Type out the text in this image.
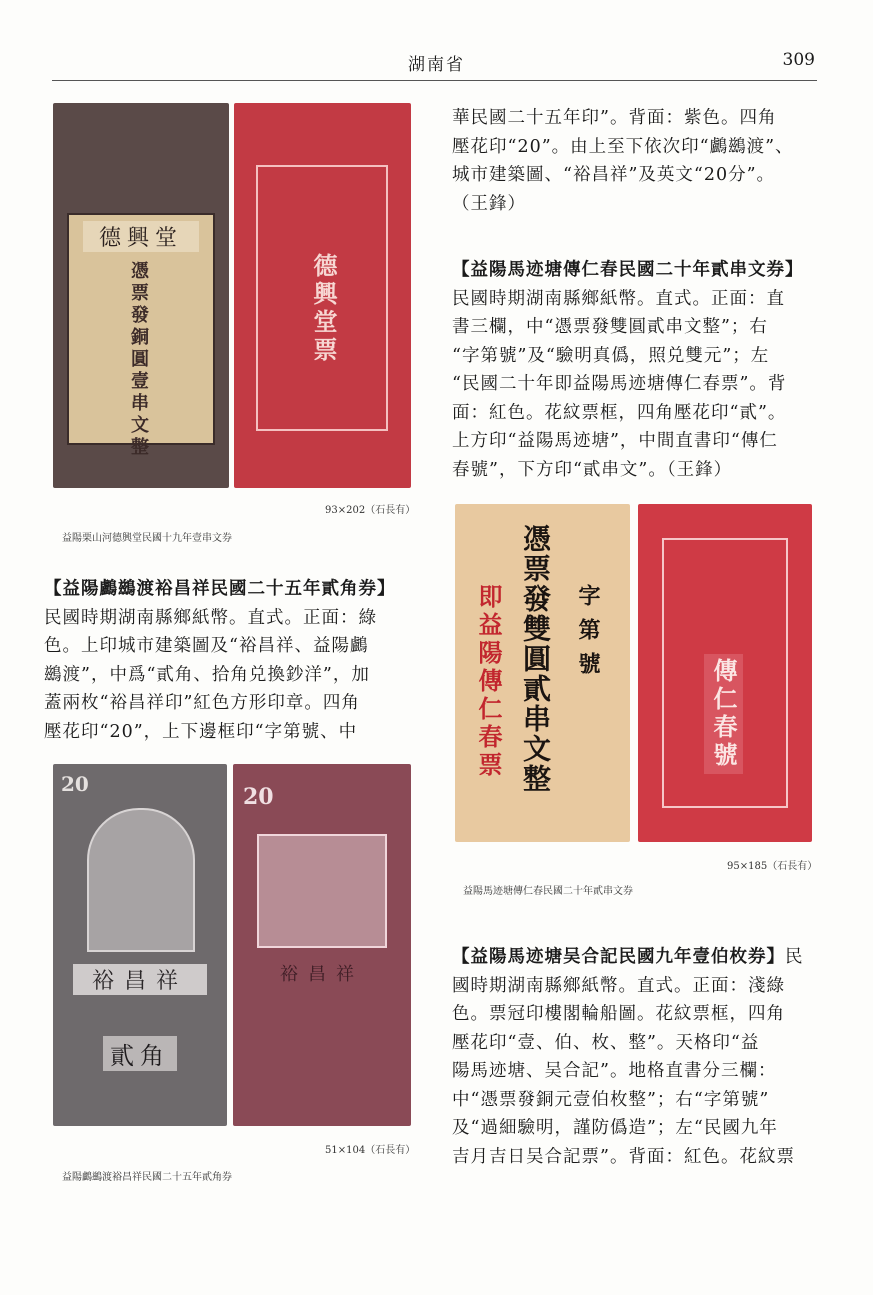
湖南省	309
德興堂
憑票發銅圓壹串文整	德興堂票
93×202（石長有）
益陽栗山河德興堂民國十九年壹串文券
20
裕昌祥
貳角
20
裕昌祥
51×104（石長有）
益陽鸕鷀渡裕昌祥民國二十五年貳角券
憑票發雙圓貳串文整
即益陽傳仁春票	字第號
傳仁春號
95×185（石長有）
益陽馬迹塘傳仁春民國二十年貳串文券
【益陽鸕鷀渡裕昌祥民國二十五年貳角券】
民國時期湖南縣鄉紙幣。直式。正面：綠
色。上印城市建築圖及“裕昌祥、益陽鸕
鷀渡”，中爲“貳角、拾角兑換鈔洋”，加
蓋兩枚“裕昌祥印”紅色方形印章。四角
壓花印“20”，上下邊框印“字第號、中
華民國二十五年印”。背面：紫色。四角
壓花印“20”。由上至下依次印“鸕鷀渡”、
城市建築圖、“裕昌祥”及英文“20分”。
（王鋒）
【益陽馬迹塘傳仁春民國二十年貳串文券】
民國時期湖南縣鄉紙幣。直式。正面：直
書三欄，中“憑票發雙圓貳串文整”；右
“字第號”及“驗明真僞，照兑雙元”；左
“民國二十年即益陽馬迹塘傳仁春票”。背
面：紅色。花紋票框，四角壓花印“貳”。
上方印“益陽馬迹塘”，中間直書印“傳仁
春號”，下方印“貳串文”。（王鋒）
【益陽馬迹塘吴合記民國九年壹伯枚券】民
國時期湖南縣鄉紙幣。直式。正面：淺綠
色。票冠印樓閣輪船圖。花紋票框，四角
壓花印“壹、伯、枚、整”。天格印“益
陽馬迹塘、吴合記”。地格直書分三欄：
中“憑票發銅元壹伯枚整”；右“字第號”
及“過細驗明，謹防僞造”；左“民國九年
吉月吉日吴合記票”。背面：紅色。花紋票
